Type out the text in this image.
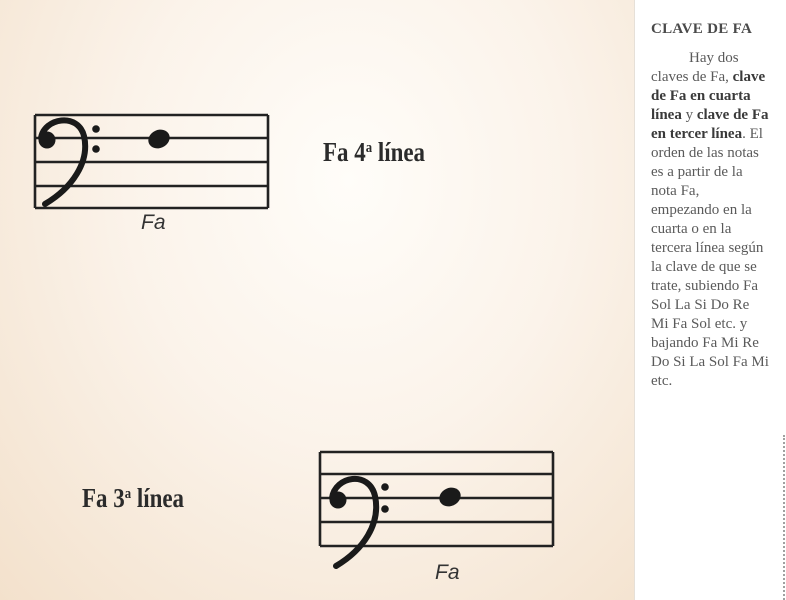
Fa 4$^a$ línea
Fa
Fa 3$^a$ línea
Fa
CLAVE DE FA

Hay dos claves de Fa, clave de Fa en cuarta línea y clave de Fa en tercer línea. El orden de las notas es a partir de la nota Fa, empezando en la cuarta o en la tercera línea según la clave de que se trate, subiendo Fa Sol La Si Do Re Mi Fa Sol etc. y bajando Fa Mi Re Do Si La Sol Fa Mi etc.
